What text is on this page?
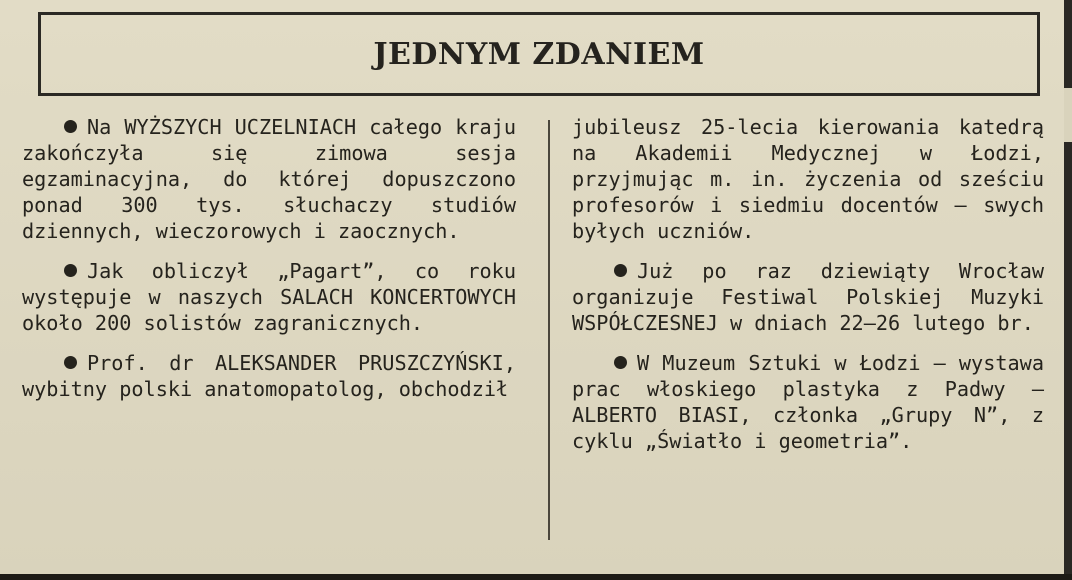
JEDNYM ZDANIEM

Na WYŻSZYCH UCZELNIACH całego kraju zakończyła się zimowa sesja egzaminacyjna, do której dopuszczono ponad 300 tys. słuchaczy studiów dziennych, wieczorowych i zaocznych.

Jak obliczył „Pagart”, co roku występuje w naszych SALACH KONCERTOWYCH około 200 solistów zagranicznych.

Prof. dr ALEKSANDER PRUSZCZYŃSKI, wybitny polski anatomopatolog, obchodził

jubileusz 25-lecia kierowania katedrą na Akademii Medycznej w Łodzi, przyjmując m. in. życzenia od sześciu profesorów i siedmiu docentów — swych byłych uczniów.

Już po raz dziewiąty Wrocław organizuje Festiwal Polskiej Muzyki WSPÓŁCZESNEJ w dniach 22—26 lutego br.

W Muzeum Sztuki w Łodzi — wystawa prac włoskiego plastyka z Padwy — ALBERTO BIASI, członka „Grupy N”, z cyklu „Światło i geometria”.
